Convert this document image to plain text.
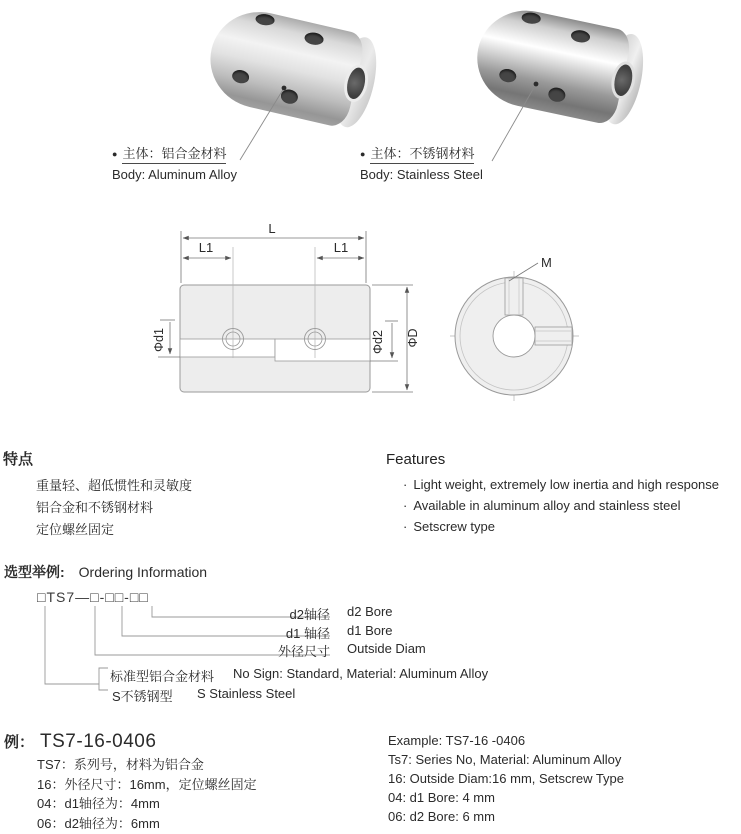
● 主体：铝合金材料
Body: Aluminum Alloy
● 主体：不锈钢材料
Body: Stainless Steel
L
L1	L1
Φd1	Φd2 ΦD
M
特点
重量轻、超低惯性和灵敏度
铝合金和不锈钢材料
定位螺丝固定
Features
· Light weight, extremely low inertia and high response
· Available in aluminum alloy and stainless steel
· Setscrew type
选型举例: Ordering Information
□TS7—□-□□-□□
d2轴径 d2 Bore
d1 轴径 d1 Bore
外径尺寸 Outside Diam
标准型铝合金材料 No Sign: Standard, Material: Aluminum Alloy
S不锈钢型 S Stainless Steel
例： TS7-16-0406
TS7：系列号，材料为铝合金
16：外径尺寸：16mm，定位螺丝固定
04：d1轴径为：4mm
06：d2轴径为：6mm
Example: TS7-16 -0406
Ts7: Series No, Material: Aluminum Alloy
16: Outside Diam:16 mm, Setscrew Type
04: d1 Bore: 4 mm
06: d2 Bore: 6 mm
